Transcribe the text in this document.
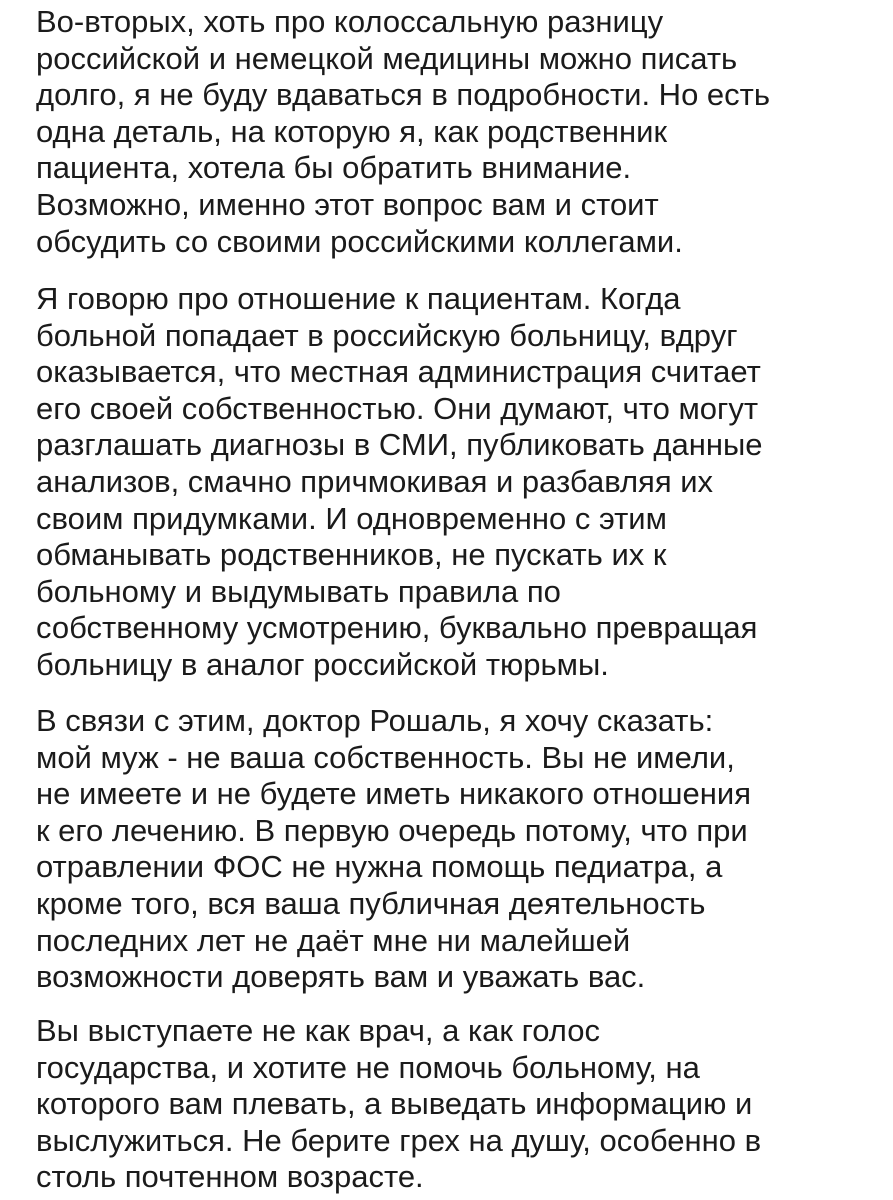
Во-вторых, хоть про колоссальную разницу
российской и немецкой медицины можно писать
долго, я не буду вдаваться в подробности. Но есть
одна деталь, на которую я, как родственник
пациента, хотела бы обратить внимание.
Возможно, именно этот вопрос вам и стоит
обсудить со своими российскими коллегами.
Я говорю про отношение к пациентам. Когда
больной попадает в российскую больницу, вдруг
оказывается, что местная администрация считает
его своей собственностью. Они думают, что могут
разглашать диагнозы в СМИ, публиковать данные
анализов, смачно причмокивая и разбавляя их
своим придумками. И одновременно с этим
обманывать родственников, не пускать их к
больному и выдумывать правила по
собственному усмотрению, буквально превращая
больницу в аналог российской тюрьмы.
В связи с этим, доктор Рошаль, я хочу сказать:
мой муж - не ваша собственность. Вы не имели,
не имеете и не будете иметь никакого отношения
к его лечению. В первую очередь потому, что при
отравлении ФОС не нужна помощь педиатра, а
кроме того, вся ваша публичная деятельность
последних лет не даёт мне ни малейшей
возможности доверять вам и уважать вас.
Вы выступаете не как врач, а как голос
государства, и хотите не помочь больному, на
которого вам плевать, а выведать информацию и
выслужиться. Не берите грех на душу, особенно в
столь почтенном возрасте.
